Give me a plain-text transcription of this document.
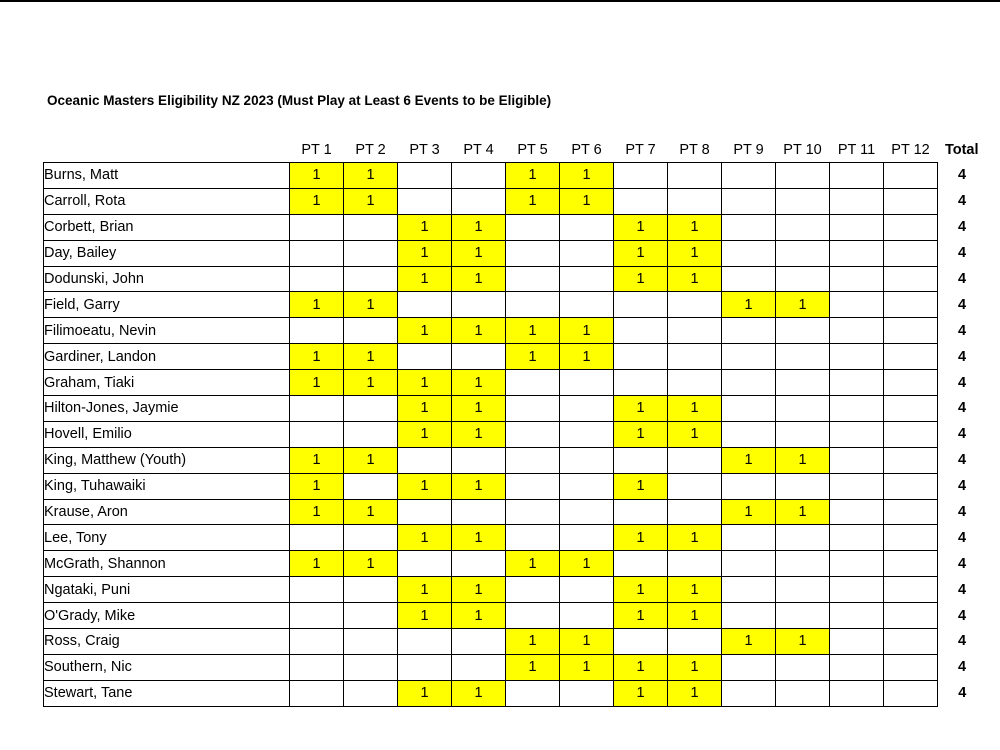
Oceanic Masters Eligibility NZ 2023 (Must Play at Least 6 Events to be Eligible)
	PT 1	PT 2	PT 3	PT 4	PT 5	PT 6	PT 7	PT 8	PT 9	PT 10	PT 11	PT 12	Total
Burns, Matt	1	1			1	1							4
Carroll, Rota	1	1			1	1							4
Corbett, Brian			1	1			1	1					4
Day, Bailey			1	1			1	1					4
Dodunski, John			1	1			1	1					4
Field, Garry	1	1							1	1			4
Filimoeatu, Nevin			1	1	1	1							4
Gardiner, Landon	1	1			1	1							4
Graham, Tiaki	1	1	1	1									4
Hilton-Jones, Jaymie			1	1			1	1					4
Hovell, Emilio			1	1			1	1					4
King, Matthew (Youth)	1	1							1	1			4
King, Tuhawaiki	1		1	1			1						4
Krause, Aron	1	1							1	1			4
Lee, Tony			1	1			1	1					4
McGrath, Shannon	1	1			1	1							4
Ngataki, Puni			1	1			1	1					4
O'Grady, Mike			1	1			1	1					4
Ross, Craig					1	1			1	1			4
Southern, Nic					1	1	1	1					4
Stewart, Tane			1	1			1	1					4
